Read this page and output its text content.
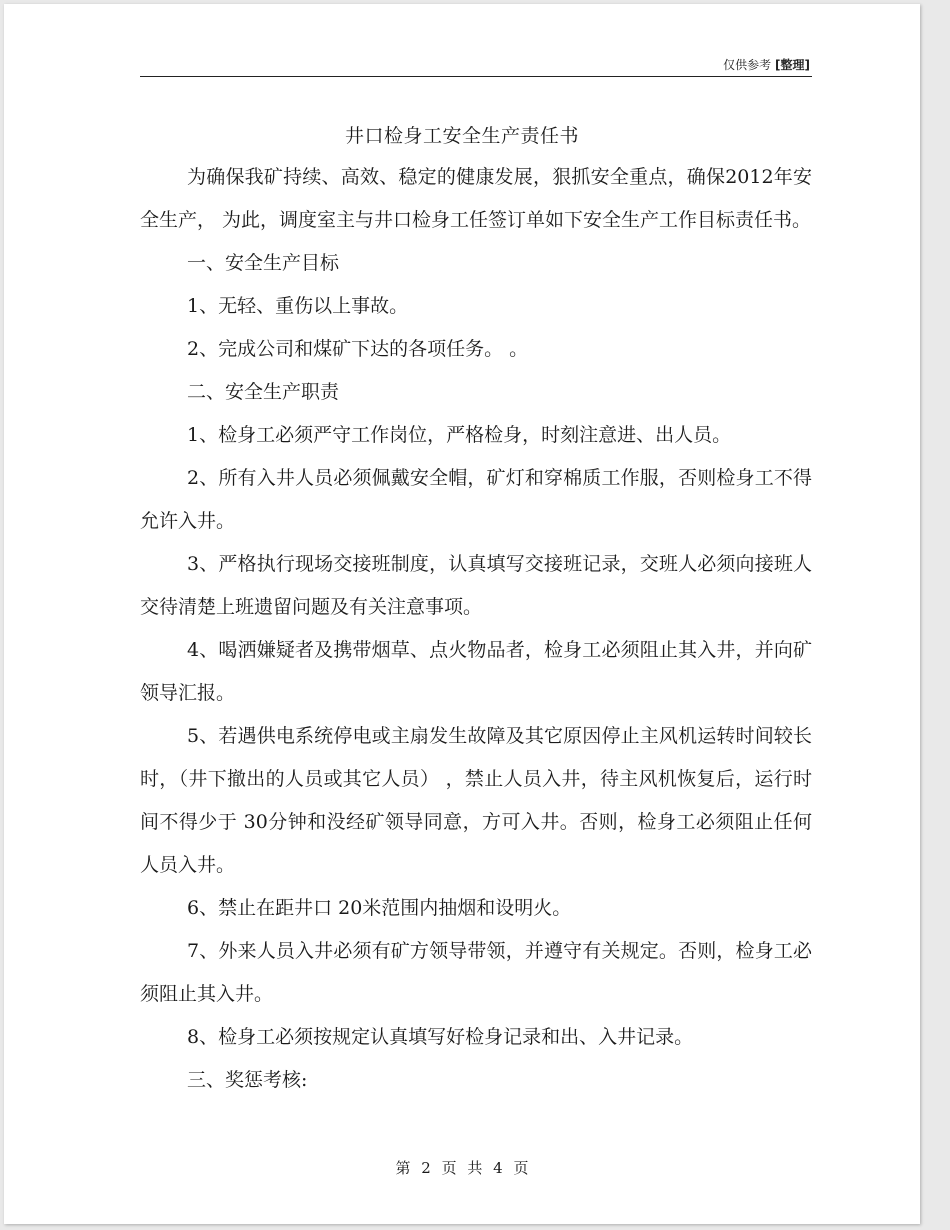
仅供参考 [整理]
井口检身工安全生产责任书

为确保我矿持续、高效、稳定的健康发展，狠抓安全重点，确保2012年安全生产， 为此，调度室主与井口检身工任签订单如下安全生产工作目标责任书。

一、安全生产目标

1、无轻、重伤以上事故。

2、完成公司和煤矿下达的各项任务。 。

二、安全生产职责

1、检身工必须严守工作岗位，严格检身，时刻注意进、出人员。

2、所有入井人员必须佩戴安全帽，矿灯和穿棉质工作服，否则检身工不得允许入井。

3、严格执行现场交接班制度，认真填写交接班记录，交班人必须向接班人交待清楚上班遗留问题及有关注意事项。

4、喝洒嫌疑者及携带烟草、点火物品者，检身工必须阻止其入井，并向矿领导汇报。

5、若遇供电系统停电或主扇发生故障及其它原因停止主风机运转时间较长时，（井下撤出的人员或其它人员） ，禁止人员入井，待主风机恢复后，运行时间不得少于 30分钟和没经矿领导同意，方可入井。否则，检身工必须阻止任何人员入井。

6、禁止在距井口 20米范围内抽烟和设明火。

7、外来人员入井必须有矿方领导带领，并遵守有关规定。否则，检身工必须阻止其入井。

8、检身工必须按规定认真填写好检身记录和出、入井记录。

三、奖惩考核:

第 2 页 共 4 页
